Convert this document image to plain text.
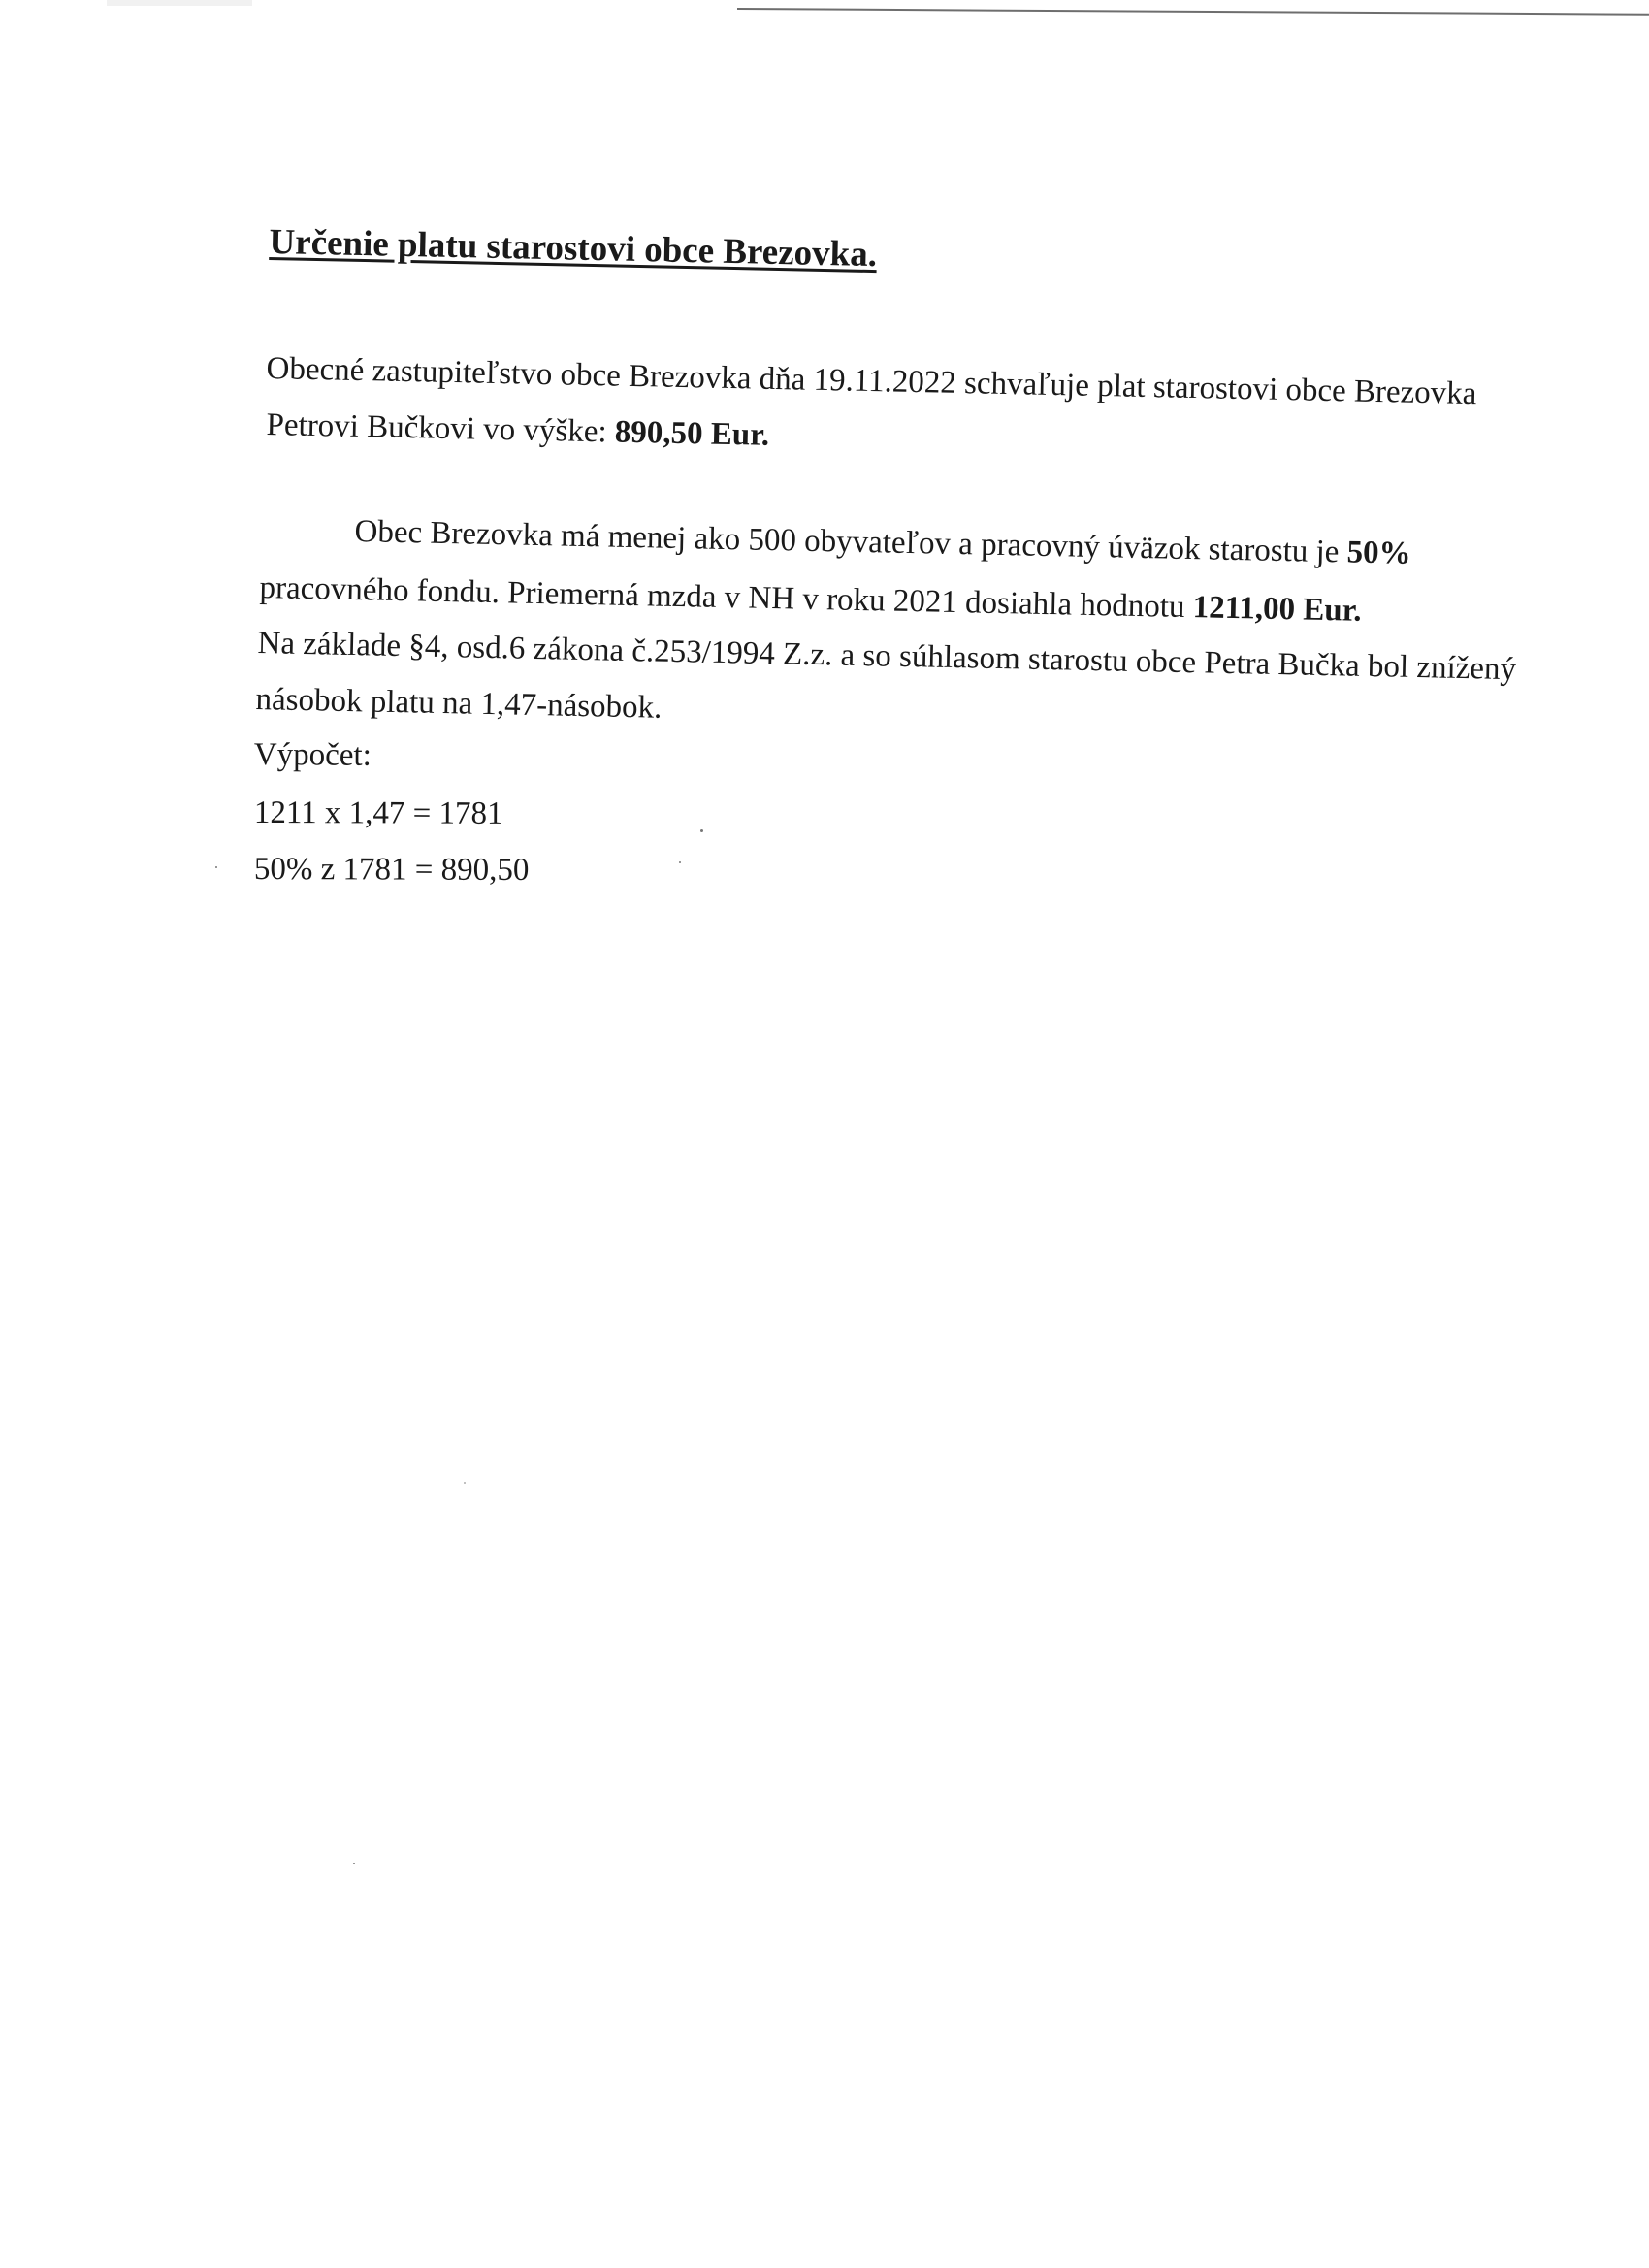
Určenie platu starostovi obce Brezovka.
Obecné zastupiteľstvo obce Brezovka dňa 19.11.2022 schvaľuje plat starostovi obce Brezovka
Petrovi Bučkovi vo výške: 890,50 Eur.
Obec Brezovka má menej ako 500 obyvateľov a pracovný úväzok starostu je 50%
pracovného fondu. Priemerná mzda v NH v roku 2021 dosiahla hodnotu 1211,00 Eur.
Na základe §4, osd.6 zákona č.253/1994 Z.z. a so súhlasom starostu obce Petra Bučka bol znížený
násobok platu na 1,47-násobok.
Výpočet:
1211 x 1,47 = 1781
50% z 1781 = 890,50
